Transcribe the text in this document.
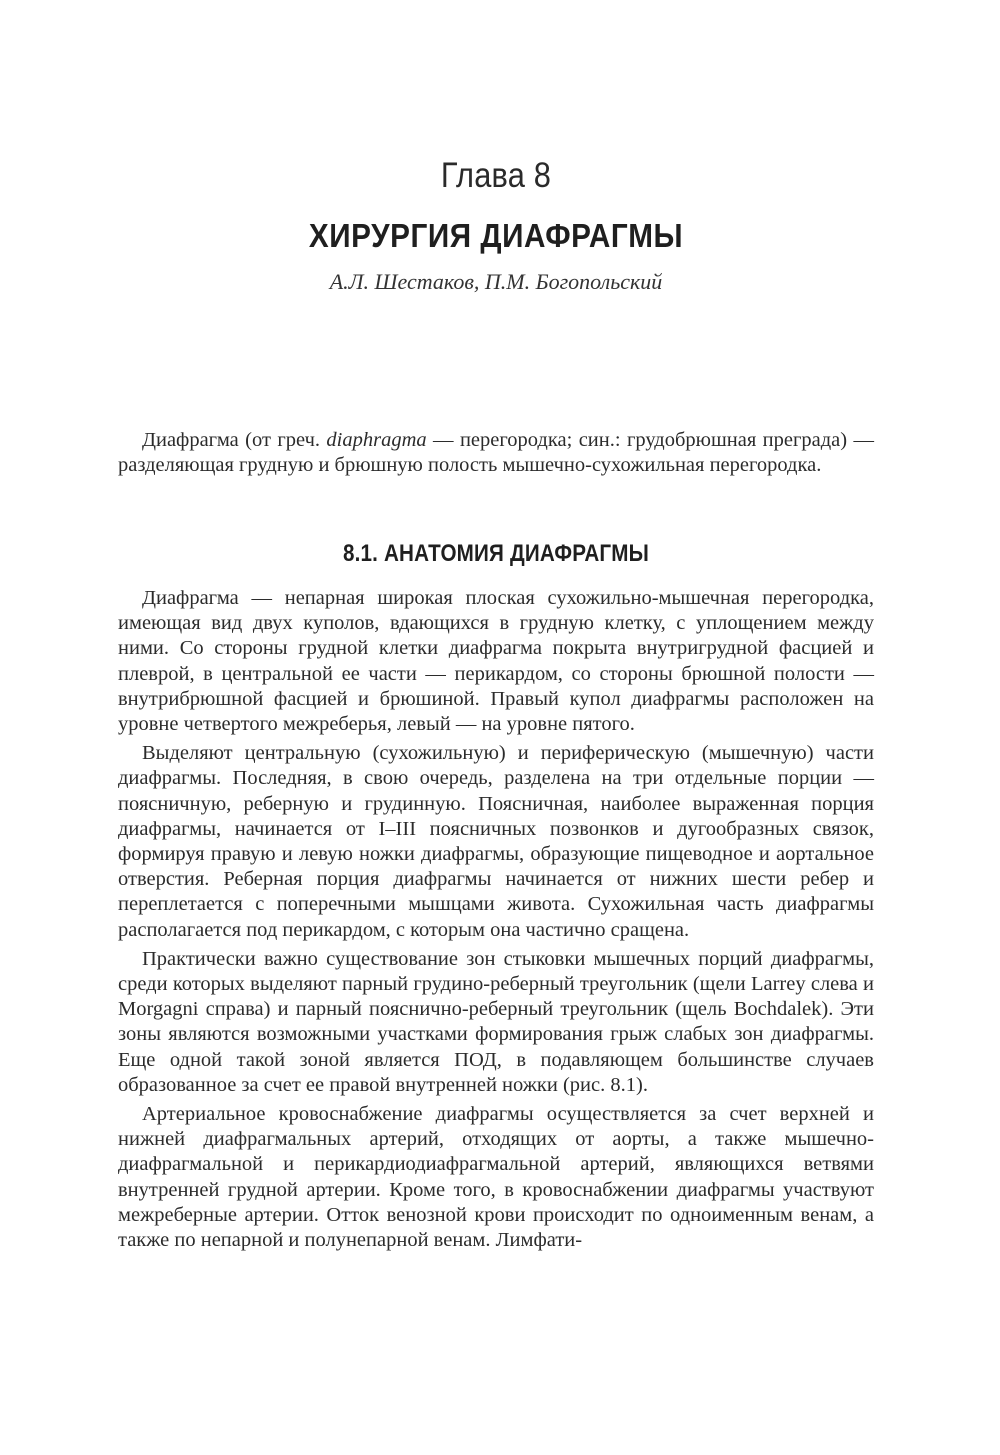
Глава 8
ХИРУРГИЯ ДИАФРАГМЫ
А.Л. Шестаков, П.М. Богопольский

Диафрагма (от греч. diaphragma — перегородка; син.: грудобрюшная преграда) — разделяющая грудную и брюшную полость мышечно-сухожильная перегородка.

8.1. АНАТОМИЯ ДИАФРАГМЫ

Диафрагма — непарная широкая плоская сухожильно-мышечная перегородка, имеющая вид двух куполов, вдающихся в грудную клетку, с уплощением между ними. Со стороны грудной клетки диафрагма покрыта внутригрудной фасцией и плеврой, в центральной ее части — перикардом, со стороны брюшной полости — внутрибрюшной фасцией и брюшиной. Правый купол диафрагмы расположен на уровне четвертого межреберья, левый — на уровне пятого.

Выделяют центральную (сухожильную) и периферическую (мышечную) части диафрагмы. Последняя, в свою очередь, разделена на три отдельные порции — поясничную, реберную и грудинную. Поясничная, наиболее выраженная порция диафрагмы, начинается от I–III поясничных позвонков и дугообразных связок, формируя правую и левую ножки диафрагмы, образующие пищеводное и аортальное отверстия. Реберная порция диафрагмы начинается от нижних шести ребер и переплетается с поперечными мышцами живота. Сухожильная часть диафрагмы располагается под перикардом, с которым она частично сращена.

Практически важно существование зон стыковки мышечных порций диафрагмы, среди которых выделяют парный грудино-реберный треугольник (щели Larrey слева и Morgagni справа) и парный пояснично-реберный треугольник (щель Bochdalek). Эти зоны являются возможными участками формирования грыж слабых зон диафрагмы. Еще одной такой зоной является ПОД, в подавляющем большинстве случаев образованное за счет ее правой внутренней ножки (рис. 8.1).

Артериальное кровоснабжение диафрагмы осуществляется за счет верхней и нижней диафрагмальных артерий, отходящих от аорты, а также мышечно-диафрагмальной и перикардиодиафрагмальной артерий, являющихся ветвями внутренней грудной артерии. Кроме того, в кровоснабжении диафрагмы участвуют межреберные артерии. Отток венозной крови происходит по одноименным венам, а также по непарной и полунепарной венам. Лимфати-
